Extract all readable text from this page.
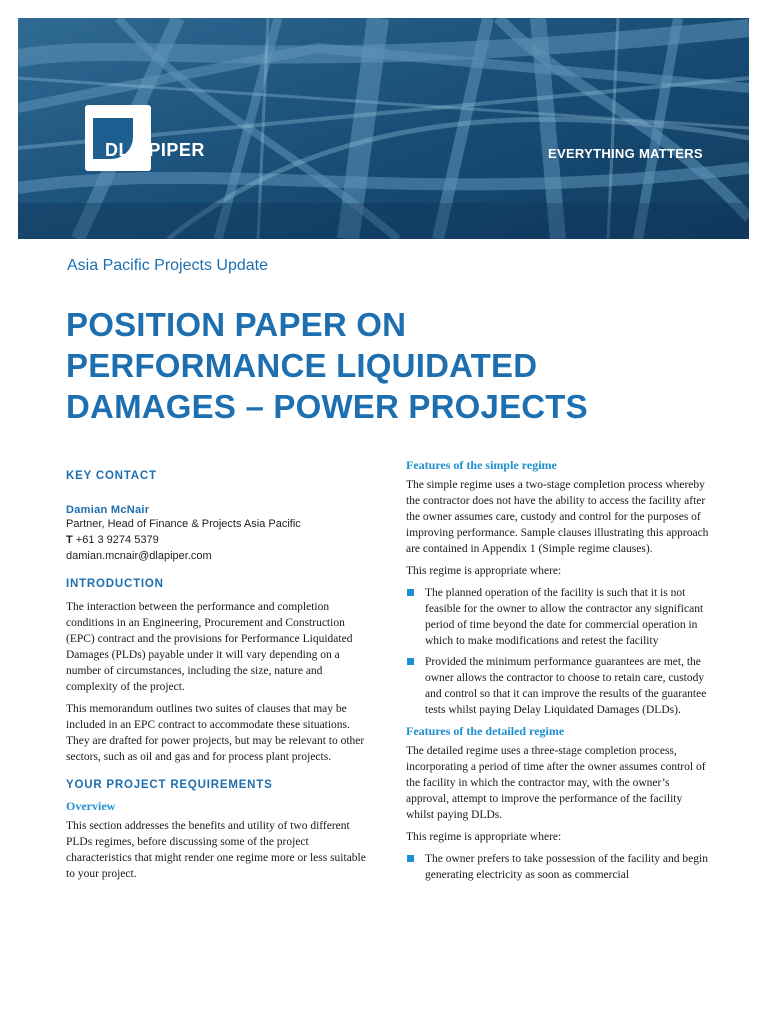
DLA PIPER	EVERYTHING MATTERS
Asia Pacific Projects Update
POSITION PAPER ON
PERFORMANCE LIQUIDATED
DAMAGES – POWER PROJECTS
KEY CONTACT
Damian McNair
Partner, Head of Finance & Projects Asia Pacific
T +61 3 9274 5379
damian.mcnair@dlapiper.com
INTRODUCTION

The interaction between the performance and completion conditions in an Engineering, Procurement and Construction (EPC) contract and the provisions for Performance Liquidated Damages (PLDs) payable under it will vary depending on a number of circumstances, including the size, nature and complexity of the project.

This memorandum outlines two suites of clauses that may be included in an EPC contract to accommodate these situations. They are drafted for power projects, but may be relevant to other sectors, such as oil and gas and for process plant projects.

YOUR PROJECT REQUIREMENTS
Overview

This section addresses the benefits and utility of two different PLDs regimes, before discussing some of the project characteristics that might render one regime more or less suitable to your project.

Features of the simple regime

The simple regime uses a two-stage completion process whereby the contractor does not have the ability to access the facility after the owner assumes care, custody and control for the purposes of improving performance. Sample clauses illustrating this approach are contained in Appendix 1 (Simple regime clauses).

This regime is appropriate where:

The planned operation of the facility is such that it is not feasible for the owner to allow the contractor any significant period of time beyond the date for commercial operation in which to make modifications and retest the facility
Provided the minimum performance guarantees are met, the owner allows the contractor to choose to retain care, custody and control so that it can improve the results of the guarantee tests whilst paying Delay Liquidated Damages (DLDs).
Features of the detailed regime

The detailed regime uses a three-stage completion process, incorporating a period of time after the owner assumes control of the facility in which the contractor may, with the owner’s approval, attempt to improve the performance of the facility whilst paying DLDs.

This regime is appropriate where:

The owner prefers to take possession of the facility and begin generating electricity as soon as commercial
